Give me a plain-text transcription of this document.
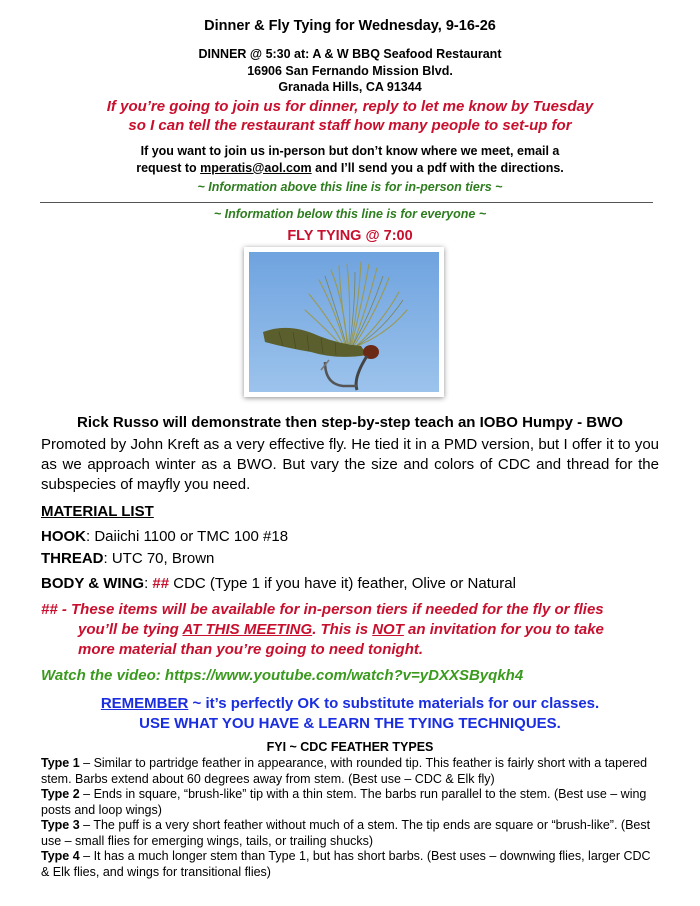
Dinner & Fly Tying for Wednesday, 9-16-26
DINNER @ 5:30 at: A & W BBQ Seafood Restaurant
16906 San Fernando Mission Blvd.
Granada Hills, CA 91344
If you’re going to join us for dinner, reply to let me know by Tuesday
so I can tell the restaurant staff how many people to set-up for
If you want to join us in-person but don’t know where we meet, email a
request to mperatis@aol.com and I’ll send you a pdf with the directions.
~ Information above this line is for in-person tiers ~
~ Information below this line is for everyone ~
FLY TYING @ 7:00
Rick Russo will demonstrate then step-by-step teach an IOBO Humpy - BWO
Promoted by John Kreft as a very effective fly. He tied it in a PMD version, but I offer it to you as we approach winter as a BWO. But vary the size and colors of CDC and thread for the subspecies of mayfly you need.
MATERIAL LIST
HOOK: Daiichi 1100 or TMC 100 #18
THREAD: UTC 70, Brown
BODY & WING: ## CDC (Type 1 if you have it) feather, Olive or Natural
## - These items will be available for in-person tiers if needed for the fly or flies
you’ll be tying AT THIS MEETING. This is NOT an invitation for you to take
more material than you’re going to need tonight.
Watch the video: https://www.youtube.com/watch?v=yDXXSByqkh4
REMEMBER ~ it’s perfectly OK to substitute materials for our classes.
USE WHAT YOU HAVE & LEARN THE TYING TECHNIQUES.
FYI ~ CDC FEATHER TYPES

Type 1 – Similar to partridge feather in appearance, with rounded tip. This feather is fairly short with a tapered stem. Barbs extend about 60 degrees away from stem. (Best use – CDC & Elk fly)

Type 2 – Ends in square, “brush-like” tip with a thin stem. The barbs run parallel to the stem. (Best use – wing posts and loop wings)

Type 3 – The puff is a very short feather without much of a stem. The tip ends are square or “brush-like”. (Best use – small flies for emerging wings, tails, or trailing shucks)

Type 4 – It has a much longer stem than Type 1, but has short barbs. (Best uses – downwing flies, larger CDC & Elk flies, and wings for transitional flies)
